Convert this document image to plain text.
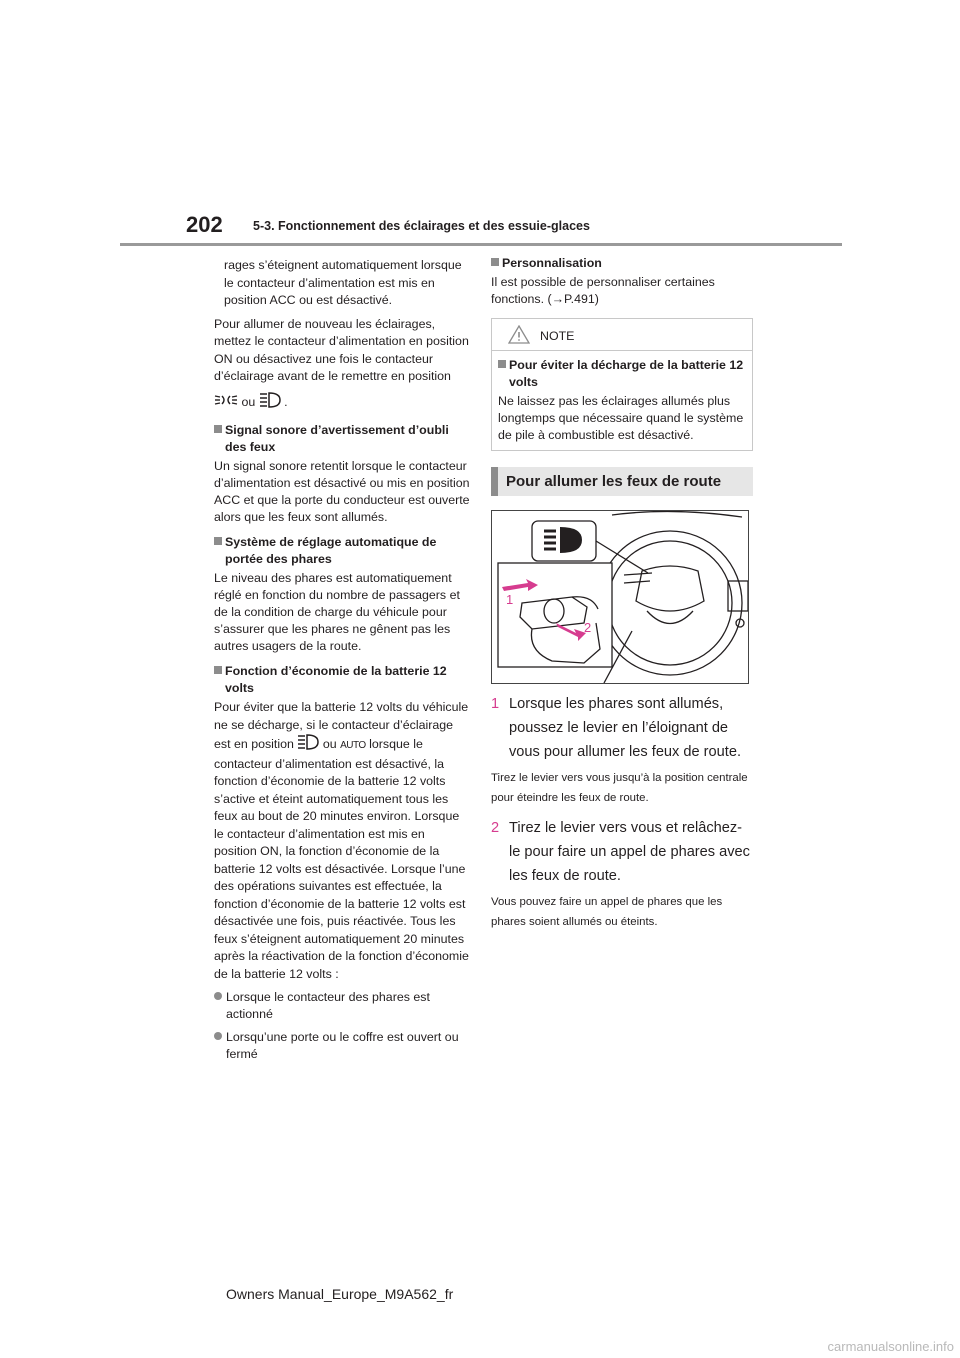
202 5-3. Fonctionnement des éclairages et des essuie-glaces

rages s’éteignent automatiquement lorsque le contacteur d’alimentation est mis en position ACC ou est désactivé.

Pour allumer de nouveau les éclairages, mettez le contacteur d’alimentation en position ON ou désactivez une fois le contacteur d’éclairage avant de le remettre en position

ou .
Signal sonore d’avertissement d’oubli des feux

Un signal sonore retentit lorsque le contacteur d’alimentation est désactivé ou mis en position ACC et que la porte du conducteur est ouverte alors que les feux sont allumés.

Système de réglage automatique de portée des phares

Le niveau des phares est automatiquement réglé en fonction du nombre de passagers et de la condition de charge du véhicule pour s’assurer que les phares ne gênent pas les autres usagers de la route.

Fonction d’économie de la batterie 12 volts

Pour éviter que la batterie 12 volts du véhicule ne se décharge, si le contacteur d’éclairage est en position ou AUTO lorsque le contacteur d’alimentation est désactivé, la fonction d’économie de la batterie 12 volts s’active et éteint automatiquement tous les feux au bout de 20 minutes environ. Lorsque le contacteur d’alimentation est mis en position ON, la fonction d’économie de la batterie 12 volts est désactivée. Lorsque l’une des opérations suivantes est effectuée, la fonction d’économie de la batterie 12 volts est désactivée une fois, puis réactivée. Tous les feux s’éteignent automatiquement 20 minutes après la réactivation de la fonction d’économie de la batterie 12 volts :

Lorsque le contacteur des phares est actionné
Lorsqu’une porte ou le coffre est ouvert ou fermé
Personnalisation

Il est possible de personnaliser certaines fonctions. (→P.491)

NOTE
Pour éviter la décharge de la batterie 12 volts

Ne laissez pas les éclairages allumés plus longtemps que nécessaire quand le système de pile à combustible est désactivé.

Pour allumer les feux de route
1
2
1 Lorsque les phares sont allumés, poussez le levier en l’éloignant de vous pour allumer les feux de route.

Tirez le levier vers vous jusqu’à la position centrale pour éteindre les feux de route.

2 Tirez le levier vers vous et relâchez-le pour faire un appel de phares avec les feux de route.

Vous pouvez faire un appel de phares que les phares soient allumés ou éteints.

Owners Manual_Europe_M9A562_fr
carmanualsonline.info
